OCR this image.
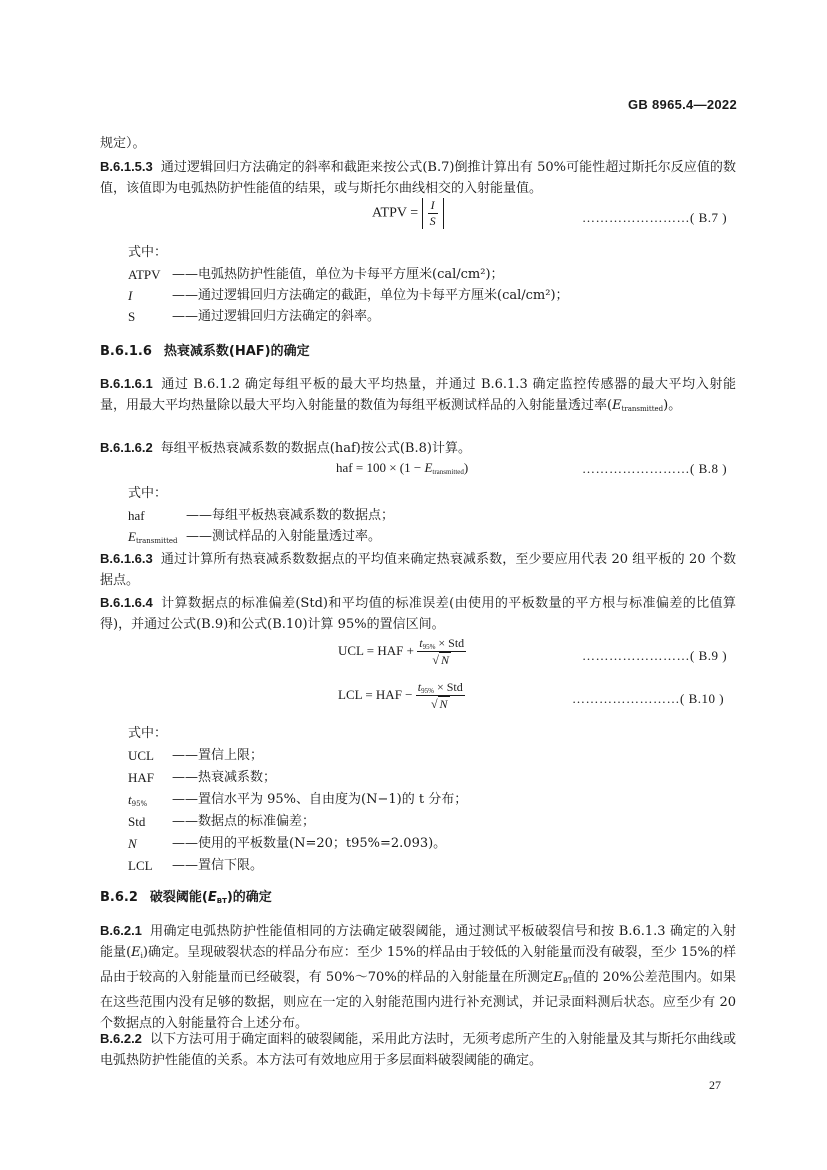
GB 8965.4—2022

规定）。

B.6.1.5.3 通过逻辑回归方法确定的斜率和截距来按公式(B.7)倒推计算出有 50%可能性超过斯托尔反应值的数值，该值即为电弧热防护性能值的结果，或与斯托尔曲线相交的入射能量值。

ATPV = $\frac{I}{S}$	……………………( B.7 )
式中：
ATPV ——电弧热防护性能值，单位为卡每平方厘米(cal/cm²)；
I	——通过逻辑回归方法确定的截距，单位为卡每平方厘米(cal/cm²)；
S	——通过逻辑回归方法确定的斜率。
B.6.1.6 热衰减系数(HAF)的确定

B.6.1.6.1 通过 B.6.1.2 确定每组平板的最大平均热量，并通过 B.6.1.3 确定监控传感器的最大平均入射能量，用最大平均热量除以最大平均入射能量的数值为每组平板测试样品的入射能量透过率$(E_{transmitted})$。

B.6.1.6.2 每组平板热衰减系数的数据点(haf)按公式(B.8)计算。

haf = $100 \times (1 - E_{transmitted})$	……………………( B.8 )
式中：
haf	——每组平板热衰减系数的数据点；
$E_{transmitted}$ ——测试样品的入射能量透过率。

B.6.1.6.3 通过计算所有热衰减系数数据点的平均值来确定热衰减系数，至少要应用代表 20 组平板的 20 个数据点。

B.6.1.6.4 计算数据点的标准偏差(Std)和平均值的标准误差(由使用的平板数量的平方根与标准偏差的比值算得)，并通过公式(B.9)和公式(B.10)计算 95%的置信区间。

UCL = HAF + $\frac{t_{95\%} \times Std}{√ N}$	……………………( B.9 )
LCL = HAF − $\frac{t_{95\%} \times Std}{√ N}$	……………………( B.10 )
式中：
UCL ——置信上限；
HAF ——热衰减系数；
$t_{95\%}$ ——置信水平为 95%、自由度为(N−1)的 t 分布；
Std ——数据点的标准偏差；
N	——使用的平板数量(N=20；t95%=2.093)。
LCL ——置信下限。
B.6.2 破裂阈能$(E_{BT})$的确定

B.6.2.1 用确定电弧热防护性能值相同的方法确定破裂阈能，通过测试平板破裂信号和按 B.6.1.3 确定的入射能量$(E_i)$确定。呈现破裂状态的样品分布应：至少 15%的样品由于较低的入射能量而没有破裂，至少 15%的样品由于较高的入射能量而已经破裂，有 50%～70%的样品的入射能量在所测定$E_{BT}$值的 20%公差范围内。如果在这些范围内没有足够的数据，则应在一定的入射能范围内进行补充测试，并记录面料测后状态。应至少有 20 个数据点的入射能量符合上述分布。

B.6.2.2 以下方法可用于确定面料的破裂阈能，采用此方法时，无须考虑所产生的入射能量及其与斯托尔曲线或电弧热防护性能值的关系。本方法可有效地应用于多层面料破裂阈能的确定。

27
